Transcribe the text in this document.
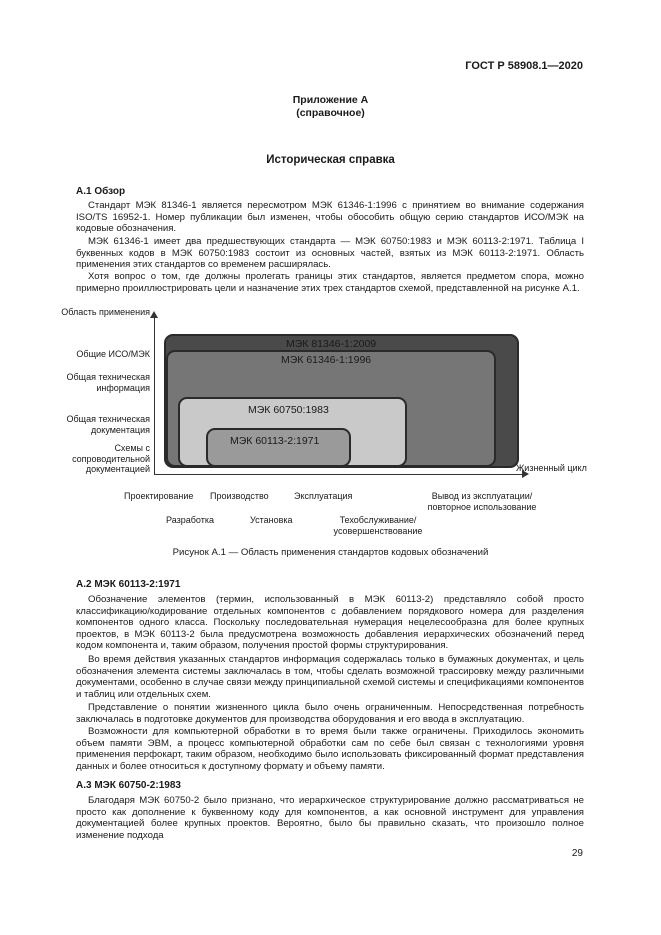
ГОСТ Р 58908.1—2020
Приложение А
(справочное)
Историческая справка
А.1 Обзор

Стандарт МЭК 81346-1 является пересмотром МЭК 61346-1:1996 с принятием во внимание содержания ISO/TS 16952-1. Номер публикации был изменен, чтобы обособить общую серию стандартов ИСО/МЭК на кодовые обозначения.

МЭК 61346-1 имеет два предшествующих стандарта — МЭК 60750:1983 и МЭК 60113-2:1971. Таблица I буквенных кодов в МЭК 60750:1983 состоит из основных частей, взятых из МЭК 60113-2:1971. Область применения этих стандартов со временем расширялась.

Хотя вопрос о том, где должны пролегать границы этих стандартов, является предметом спора, можно примерно проиллюстрировать цели и назначение этих трех стандартов схемой, представленной на рисунке А.1.

Область применения
Общие ИСО/МЭК
Общая техническая информация
Общая техническая документация
Схемы с сопроводительной документацией
МЭК 81346-1:2009
МЭК 61346-1:1996
МЭК 60750:1983
МЭК 60113-2:1971
Жизненный цикл
Проектирование Производство	Эксплуатация	Вывод из эксплуатации/ повторное использование
Разработка	Установка	Техобслуживание/ усовершенствование
Рисунок А.1 — Область применения стандартов кодовых обозначений
А.2 МЭК 60113-2:1971

Обозначение элементов (термин, использованный в МЭК 60113-2) представляло собой просто классификацию/кодирование отдельных компонентов с добавлением порядкового номера для разделения компонентов одного класса. Поскольку последовательная нумерация нецелесообразна для более крупных проектов, в МЭК 60113-2 была предусмотрена возможность добавления иерархических обозначений перед кодом компонента и, таким образом, получения простой формы структурирования.

Во время действия указанных стандартов информация содержалась только в бумажных документах, и цель обозначения элемента системы заключалась в том, чтобы сделать возможной трассировку между различными документами, особенно в случае связи между принципиальной схемой системы и спецификациями компонентов и таблиц или отдельных схем.

Представление о понятии жизненного цикла было очень ограниченным. Непосредственная потребность заключалась в подготовке документов для производства оборудования и его ввода в эксплуатацию.

Возможности для компьютерной обработки в то время были также ограничены. Приходилось экономить объем памяти ЭВМ, а процесс компьютерной обработки сам по себе был связан с технологиями уровня применения перфокарт, таким образом, необходимо было использовать фиксированный формат представления данных и более относиться к доступному формату и объему памяти.

А.3 МЭК 60750-2:1983

Благодаря МЭК 60750-2 было признано, что иерархическое структурирование должно рассматриваться не просто как дополнение к буквенному коду для компонентов, а как основной инструмент для управления документацией более крупных проектов. Вероятно, было бы правильно сказать, что произошло полное изменение подхода

29
